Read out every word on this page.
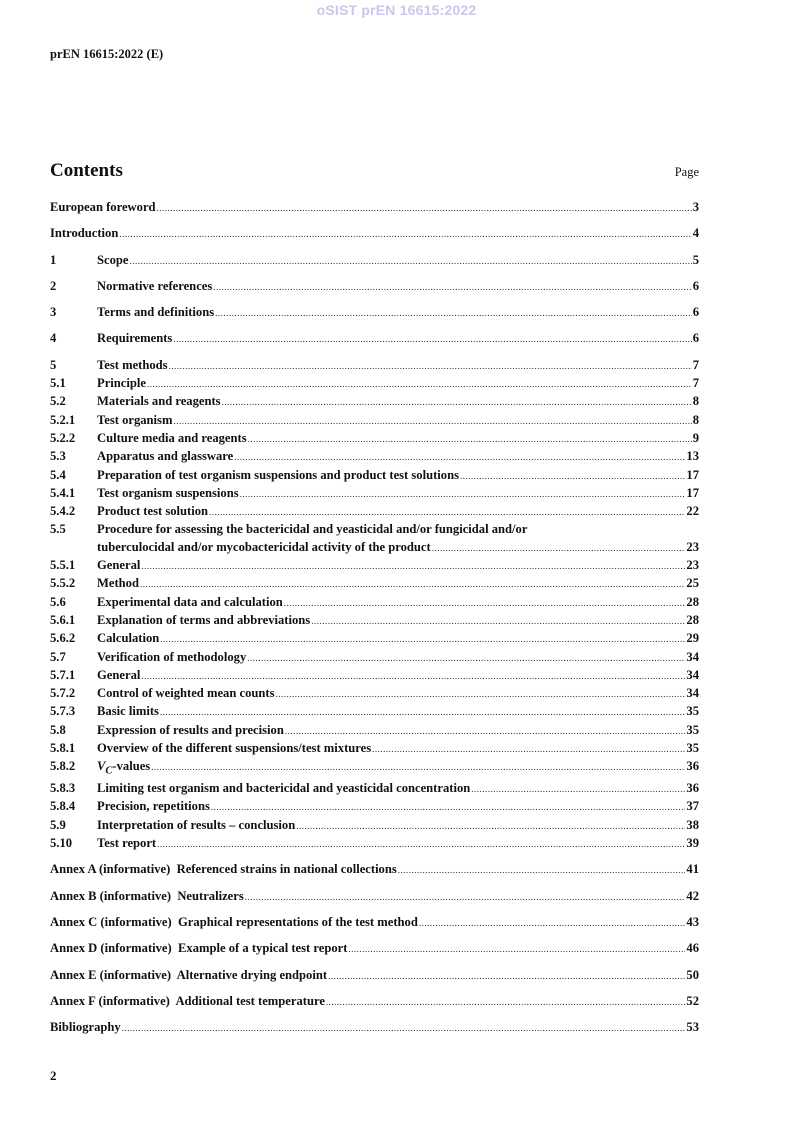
oSIST prEN 16615:2022
prEN 16615:2022 (E)
Contents	Page
European foreword .....	3
Introduction .....	4
1	Scope .....	5
2	Normative references .....	6
3	Terms and definitions .....	6
4	Requirements .....	6
5	Test methods .....	7
5.1	Principle .....	7
5.2	Materials and reagents .....	8
5.2.1	Test organism .....	8
5.2.2	Culture media and reagents .....	9
5.3	Apparatus and glassware .....	13
5.4	Preparation of test organism suspensions and product test solutions .....	17
5.4.1	Test organism suspensions .....	17
5.4.2	Product test solution .....	22
5.5	Procedure for assessing the bactericidal and yeasticidal and/or fungicidal and/or
tuberculocidal and/or mycobactericidal activity of the product .....	23
5.5.1	General .....	23
5.5.2	Method .....	25
5.6	Experimental data and calculation .....	28
5.6.1	Explanation of terms and abbreviations .....	28
5.6.2	Calculation .....	29
5.7	Verification of methodology .....	34
5.7.1	General .....	34
5.7.2	Control of weighted mean counts .....	34
5.7.3	Basic limits .....	35
5.8	Expression of results and precision .....	35
5.8.1	Overview of the different suspensions/test mixtures .....	35
5.8.2	$V_C$-values .....	36
5.8.3	Limiting test organism and bactericidal and yeasticidal concentration .....	36
5.8.4	Precision, repetitions .....	37
5.9	Interpretation of results – conclusion .....	38
5.10	Test report .....	39
Annex A (informative)  Referenced strains in national collections .....	41
Annex B (informative)  Neutralizers .....	42
Annex C (informative)  Graphical representations of the test method .....	43
Annex D (informative)  Example of a typical test report .....	46
Annex E (informative)  Alternative drying endpoint .....	50
Annex F (informative)  Additional test temperature .....	52
Bibliography .....	53
2
